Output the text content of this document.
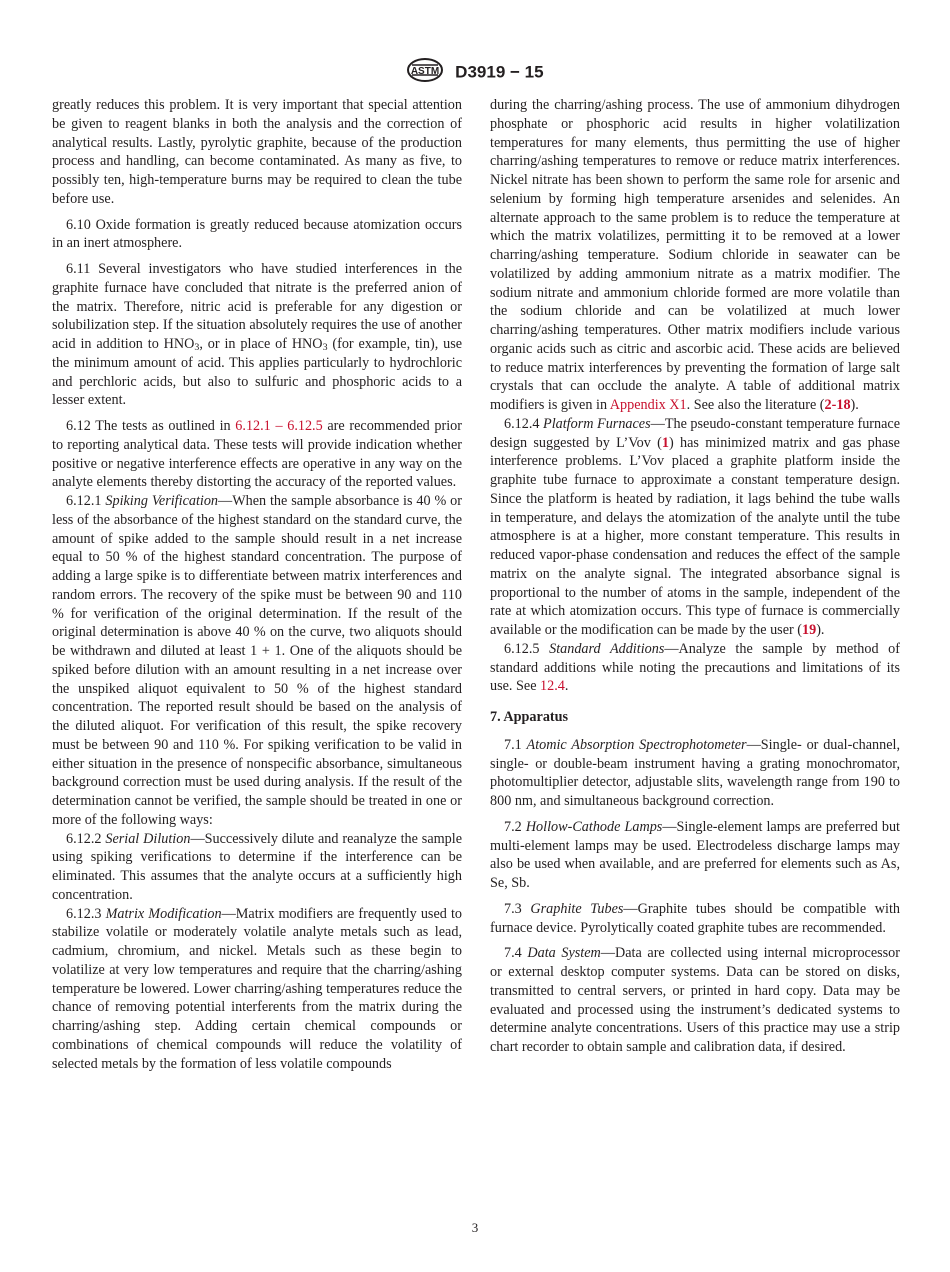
ASTM D3919 − 15

greatly reduces this problem. It is very important that special attention be given to reagent blanks in both the analysis and the correction of analytical results. Lastly, pyrolytic graphite, because of the production process and handling, can become contaminated. As many as five, to possibly ten, high-temperature burns may be required to clean the tube before use.

6.10 Oxide formation is greatly reduced because atomization occurs in an inert atmosphere.

6.11 Several investigators who have studied interferences in the graphite furnace have concluded that nitrate is the preferred anion of the matrix. Therefore, nitric acid is preferable for any digestion or solubilization step. If the situation absolutely requires the use of another acid in addition to $HNO_3$, or in place of $HNO_3$ (for example, tin), use the minimum amount of acid. This applies particularly to hydrochloric and perchloric acids, but also to sulfuric and phosphoric acids to a lesser extent.

6.12 The tests as outlined in 6.12.1 – 6.12.5 are recommended prior to reporting analytical data. These tests will provide indication whether positive or negative interference effects are operative in any way on the analyte elements thereby distorting the accuracy of the reported values.

6.12.1 Spiking Verification—When the sample absorbance is 40 % or less of the absorbance of the highest standard on the standard curve, the amount of spike added to the sample should result in a net increase equal to 50 % of the highest standard concentration. The purpose of adding a large spike is to differentiate between matrix interferences and random errors. The recovery of the spike must be between 90 and 110 % for verification of the original determination. If the result of the original determination is above 40 % on the curve, two aliquots should be withdrawn and diluted at least 1 + 1. One of the aliquots should be spiked before dilution with an amount resulting in a net increase over the unspiked aliquot equivalent to 50 % of the highest standard concentration. The reported result should be based on the analysis of the diluted aliquot. For verification of this result, the spike recovery must be between 90 and 110 %. For spiking verification to be valid in either situation in the presence of nonspecific absorbance, simultaneous background correction must be used during analysis. If the result of the determination cannot be verified, the sample should be treated in one or more of the following ways:

6.12.2 Serial Dilution—Successively dilute and reanalyze the sample using spiking verifications to determine if the interference can be eliminated. This assumes that the analyte occurs at a sufficiently high concentration.

6.12.3 Matrix Modification—Matrix modifiers are frequently used to stabilize volatile or moderately volatile analyte metals such as lead, cadmium, chromium, and nickel. Metals such as these begin to volatilize at very low temperatures and require that the charring/ashing temperature be lowered. Lower charring/ashing temperatures reduce the chance of removing potential interferents from the matrix during the charring/ashing step. Adding certain chemical compounds or combinations of chemical compounds will reduce the volatility of selected metals by the formation of less volatile compounds

during the charring/ashing process. The use of ammonium dihydrogen phosphate or phosphoric acid results in higher volatilization temperatures for many elements, thus permitting the use of higher charring/ashing temperatures to remove or reduce matrix interferences. Nickel nitrate has been shown to perform the same role for arsenic and selenium by forming high temperature arsenides and selenides. An alternate approach to the same problem is to reduce the temperature at which the matrix volatilizes, permitting it to be removed at a lower charring/ashing temperature. Sodium chloride in seawater can be volatilized by adding ammonium nitrate as a matrix modifier. The sodium nitrate and ammonium chloride formed are more volatile than the sodium chloride and can be volatilized at much lower charring/ashing temperatures. Other matrix modifiers include various organic acids such as citric and ascorbic acid. These acids are believed to reduce matrix interferences by preventing the formation of large salt crystals that can occlude the analyte. A table of additional matrix modifiers is given in Appendix X1. See also the literature (2-18).

6.12.4 Platform Furnaces—The pseudo-constant temperature furnace design suggested by L’Vov (1) has minimized matrix and gas phase interference problems. L’Vov placed a graphite platform inside the graphite tube furnace to approximate a constant temperature design. Since the platform is heated by radiation, it lags behind the tube walls in temperature, and delays the atomization of the analyte until the tube atmosphere is at a higher, more constant temperature. This results in reduced vapor-phase condensation and reduces the effect of the sample matrix on the analyte signal. The integrated absorbance signal is proportional to the number of atoms in the sample, independent of the rate at which atomization occurs. This type of furnace is commercially available or the modification can be made by the user (19).

6.12.5 Standard Additions—Analyze the sample by method of standard additions while noting the precautions and limitations of its use. See 12.4.

7. Apparatus

7.1 Atomic Absorption Spectrophotometer—Single- or dual-channel, single- or double-beam instrument having a grating monochromator, photomultiplier detector, adjustable slits, wavelength range from 190 to 800 nm, and simultaneous background correction.

7.2 Hollow-Cathode Lamps—Single-element lamps are preferred but multi-element lamps may be used. Electrodeless discharge lamps may also be used when available, and are preferred for elements such as As, Se, Sb.

7.3 Graphite Tubes—Graphite tubes should be compatible with furnace device. Pyrolytically coated graphite tubes are recommended.

7.4 Data System—Data are collected using internal microprocessor or external desktop computer systems. Data can be stored on disks, transmitted to central servers, or printed in hard copy. Data may be evaluated and processed using the instrument’s dedicated systems to determine analyte concentrations. Users of this practice may use a strip chart recorder to obtain sample and calibration data, if desired.

3
